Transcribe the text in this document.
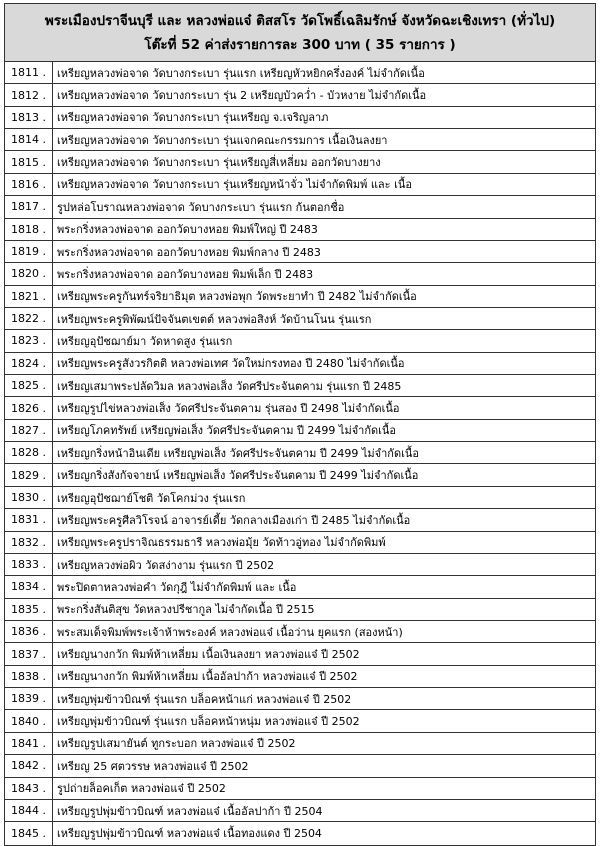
พระเมืองปราจีนบุรี และ หลวงพ่อแจ๋ ติสสโร วัดโพธิ์เฉลิมรักษ์ จังหวัดฉะเชิงเทรา (ทั่วไป)
โต๊ะที่ 52 ค่าส่งรายการละ 300 บาท ( 35 รายการ )
1811 .	เหรียญหลวงพ่อจาด วัดบางกระเบา รุ่นแรก เหรียญหัวหยิกครึ่งองค์ ไม่จำกัดเนื้อ
1812 .	เหรียญหลวงพ่อจาด วัดบางกระเบา รุ่น 2 เหรียญบัวคว่ำ - บัวหงาย ไม่จำกัดเนื้อ
1813 .	เหรียญหลวงพ่อจาด วัดบางกระเบา รุ่นเหรียญ จ.เจริญลาภ
1814 .	เหรียญหลวงพ่อจาด วัดบางกระเบา รุ่นแจกคณะกรรมการ เนื้อเงินลงยา
1815 .	เหรียญหลวงพ่อจาด วัดบางกระเบา รุ่นเหรียญสี่เหลี่ยม ออกวัดบางยาง
1816 .	เหรียญหลวงพ่อจาด วัดบางกระเบา รุ่นเหรียญหน้าจั่ว ไม่จำกัดพิมพ์ และ เนื้อ
1817 .	รูปหล่อโบราณหลวงพ่อจาด วัดบางกระเบา รุ่นแรก ก้นตอกชื่อ
1818 .	พระกริ่งหลวงพ่อจาด ออกวัดบางหอย พิมพ์ใหญ่ ปี 2483
1819 .	พระกริ่งหลวงพ่อจาด ออกวัดบางหอย พิมพ์กลาง ปี 2483
1820 .	พระกริ่งหลวงพ่อจาด ออกวัดบางหอย พิมพ์เล็ก ปี 2483
1821 .	เหรียญพระครูกันทร์จริยาธิมุต หลวงพ่อพุก วัดพระยาทำ ปี 2482 ไม่จำกัดเนื้อ
1822 .	เหรียญพระครูพิพัฒน์ปัจจันตเขตต์ หลวงพ่อสิงห์ วัดบ้านโนน รุ่นแรก
1823 .	เหรียญอุปัชฌาย์มา วัดหาดสูง รุ่นแรก
1824 .	เหรียญพระครูสังวรกิตติ หลวงพ่อเทศ วัดใหม่กรงทอง ปี 2480 ไม่จำกัดเนื้อ
1825 .	เหรียญเสมาพระปลัดวิมล หลวงพ่อเส็ง วัดศรีประจันตคาม รุ่นแรก ปี 2485
1826 .	เหรียญรูปไข่หลวงพ่อเส็ง วัดศรีประจันตคาม รุ่นสอง ปี 2498 ไม่จำกัดเนื้อ
1827 .	เหรียญโภคทรัพย์ เหรียญพ่อเส็ง วัดศรีประจันตคาม ปี 2499 ไม่จำกัดเนื้อ
1828 .	เหรียญกริ่งหน้าอินเดีย เหรียญพ่อเส็ง วัดศรีประจันตคาม ปี 2499 ไม่จำกัดเนื้อ
1829 .	เหรียญกริ่งสังกัจจายน์ เหรียญพ่อเส็ง วัดศรีประจันตคาม ปี 2499 ไม่จำกัดเนื้อ
1830 .	เหรียญอุปัชฌาย์โชติ วัดโคกม่วง รุ่นแรก
1831 .	เหรียญพระครูศีลวิโรจน์ อาจารย์เดี้ย วัดกลางเมืองเก่า ปี 2485 ไม่จำกัดเนื้อ
1832 .	เหรียญพระครูปราจิณธรรมธารี หลวงพ่อมุ้ย วัดท้าวอู่ทอง ไม่จำกัดพิมพ์
1833 .	เหรียญหลวงพ่อผิว วัดสง่างาม รุ่นแรก ปี 2502
1834 .	พระปิดตาหลวงพ่อคำ วัดกุฎี ไม่จำกัดพิมพ์ และ เนื้อ
1835 .	พระกริ่งสันติสุข วัดหลวงปรีชากูล ไม่จำกัดเนื้อ ปี 2515
1836 .	พระสมเด็จพิมพ์พระเจ้าห้าพระองค์ หลวงพ่อแจ๋ เนื้อว่าน ยุคแรก (สองหน้า)
1837 .	เหรียญนางกวัก พิมพ์ห้าเหลี่ยม เนื้อเงินลงยา หลวงพ่อแจ๋ ปี 2502
1838 .	เหรียญนางกวัก พิมพ์ห้าเหลี่ยม เนื้ออัลปาก้า หลวงพ่อแจ๋ ปี 2502
1839 .	เหรียญพุ่มข้าวบิณฑ์ รุ่นแรก บล็อคหน้าแก่ หลวงพ่อแจ๋ ปี 2502
1840 .	เหรียญพุ่มข้าวบิณฑ์ รุ่นแรก บล็อคหน้าหนุ่ม หลวงพ่อแจ๋ ปี 2502
1841 .	เหรียญรูปเสมายันต์ ทูกระบอก หลวงพ่อแจ๋ ปี 2502
1842 .	เหรียญ 25 ศตวรรษ หลวงพ่อแจ๋ ปี 2502
1843 .	รูปถ่ายล็อคเก็ต หลวงพ่อแจ๋ ปี 2502
1844 .	เหรียญรูปพุ่มข้าวบิณฑ์ หลวงพ่อแจ๋ เนื้ออัลปาก้า ปี 2504
1845 .	เหรียญรูปพุ่มข้าวบิณฑ์ หลวงพ่อแจ๋ เนื้อทองแดง ปี 2504
